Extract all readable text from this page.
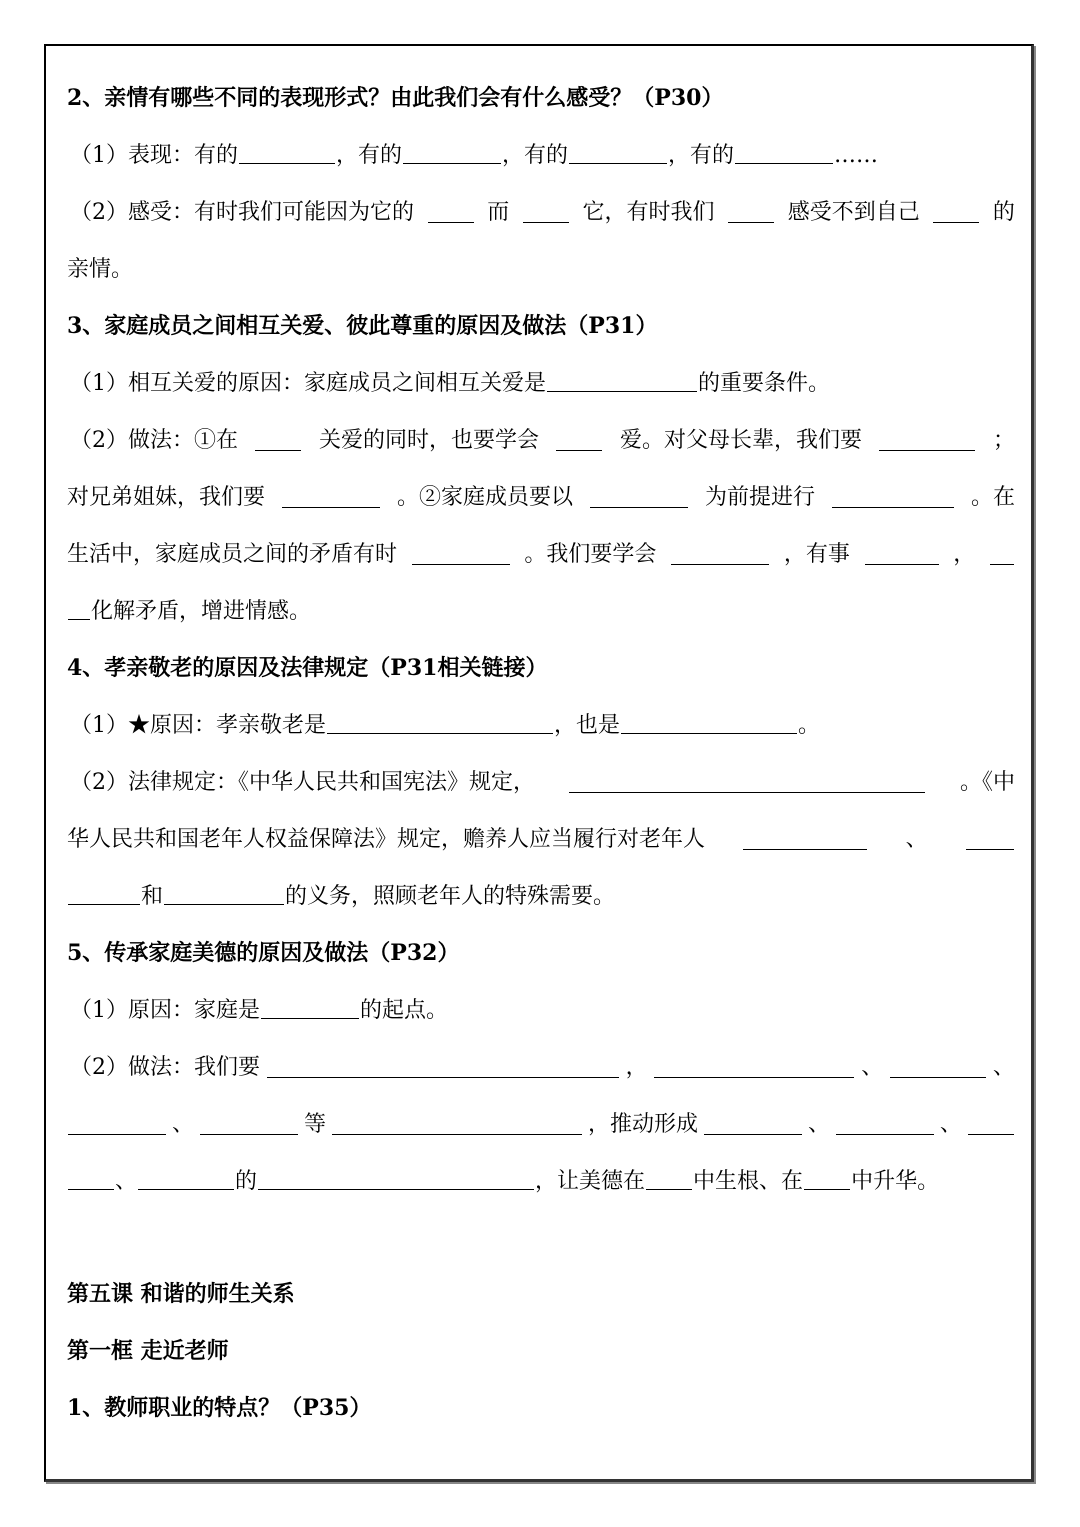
2、亲情有哪些不同的表现形式？由此我们会有什么感受？（P30）
（1）表现：有的	，有的	，有的	，有的	……
（2）感受：有时我们可能因为它的	而	它，有时我们	感受不到自己	的
亲情。
3、家庭成员之间相互关爱、彼此尊重的原因及做法（P31）
（1）相互关爱的原因：家庭成员之间相互关爱是	的重要条件。
（2）做法：①在	关爱的同时，也要学会	爱。对父母长辈，我们要	；
对兄弟姐妹，我们要	。②家庭成员要以	为前提进行	。在
生活中，家庭成员之间的矛盾有时	。我们要学会	，有事	，
化解矛盾，增进情感。
4、孝亲敬老的原因及法律规定（P31相关链接）
（1）★原因：孝亲敬老是	，也是	。
（2）法律规定：《中华人民共和国宪法》规定，	。《中
华人民共和国老年人权益保障法》规定，赡养人应当履行对老年人	、
和	的义务，照顾老年人的特殊需要。
5、传承家庭美德的原因及做法（P32）
（1）原因：家庭是	的起点。
（2）做法：我们要	，	、	、
、	等	，推动形成	、	、
、	的	，让美德在 中生根、在 中升华。
第五课 和谐的师生关系
第一框 走近老师
1、教师职业的特点？（P35）
